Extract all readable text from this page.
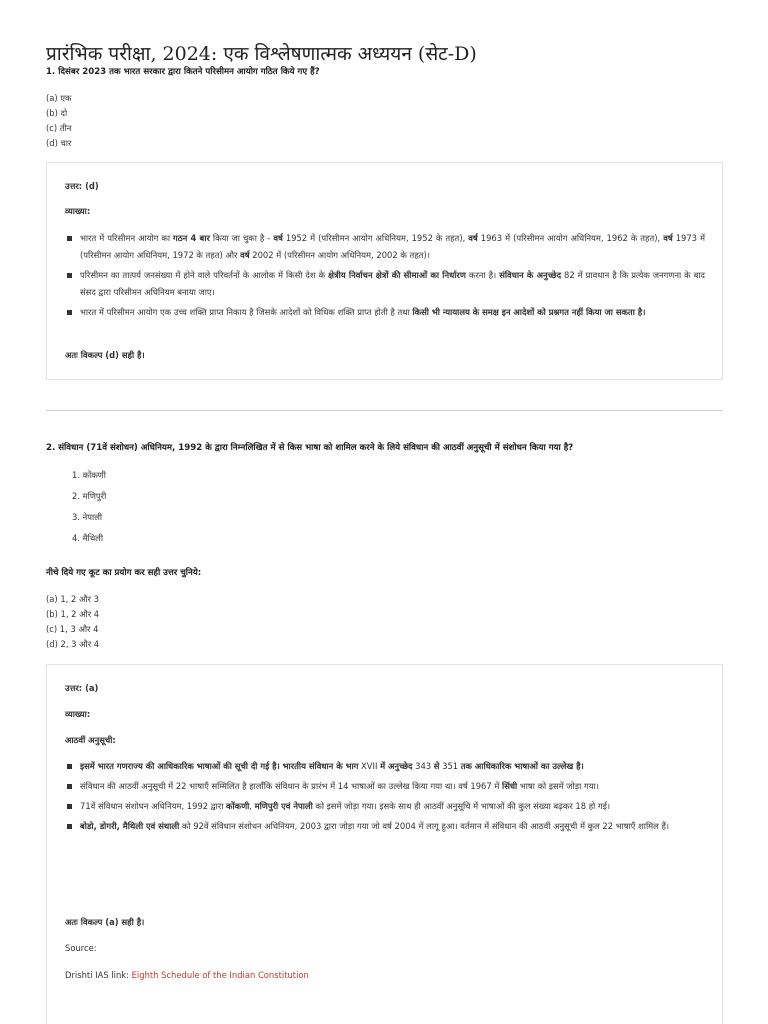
प्रारंभिक परीक्षा, 2024: एक विश्लेषणात्मक अध्ययन (सेट-D)
1. दिसंबर 2023 तक भारत सरकार द्वारा कितने परिसीमन आयोग गठित किये गए हैं?
(a) एक
(b) दो
(c) तीन
(d) चार
उत्तर: (d)
व्याख्या:
भारत में परिसीमन आयोग का गठन 4 बार किया जा चुका है - वर्ष 1952 में (परिसीमन आयोग अधिनियम, 1952 के तहत), वर्ष 1963 में (परिसीमन आयोग अधिनियम, 1962 के तहत), वर्ष 1973 में (परिसीमन आयोग अधिनियम, 1972 के तहत) और वर्ष 2002 में (परिसीमन आयोग अधिनियम, 2002 के तहत)।
परिसीमन का तात्पर्य जनसंख्या में होने वाले परिवर्तनों के आलोक में किसी देश के क्षेत्रीय निर्वाचन क्षेत्रों की सीमाओं का निर्धारण करना है। संविधान के अनुच्छेद 82 में प्रावधान है कि प्रत्येक जनगणना के बाद संसद द्वारा परिसीमन अधिनियम बनाया जाए।
भारत में परिसीमन आयोग एक उच्च शक्ति प्राप्त निकाय है जिसके आदेशों को विधिक शक्ति प्राप्त होती है तथा किसी भी न्यायालय के समक्ष इन आदेशों को प्रश्नगत नहीं किया जा सकता है।
अतः विकल्प (d) सही है।
2. संविधान (71वें संशोधन) अधिनियम, 1992 के द्वारा निम्नलिखित में से किस भाषा को शामिल करने के लिये संविधान की आठवीं अनुसूची में संशोधन किया गया है?
1. कोंकणी
2. मणिपुरी
3. नेपाली
4. मैथिली
नीचे दिये गए कूट का प्रयोग कर सही उत्तर चुनिये:
(a) 1, 2 और 3
(b) 1, 2 और 4
(c) 1, 3 और 4
(d) 2, 3 और 4
उत्तर: (a)
व्याख्या:
आठवीं अनुसूची:
इसमें भारत गणराज्य की आधिकारिक भाषाओं की सूची दी गई है। भारतीय संविधान के भाग XVII में अनुच्छेद 343 से 351 तक आधिकारिक भाषाओं का उल्लेख है।
संविधान की आठवीं अनुसूची में 22 भाषाएँ सम्मिलित है हालाँकि संविधान के प्रारंभ में 14 भाषाओं का उल्लेख किया गया था। वर्ष 1967 में सिंधी भाषा को इसमें जोड़ा गया।
71वें संविधान संशोधन अधिनियम, 1992 द्वारा कोंकणी, मणिपुरी एवं नेपाली को इसमें जोड़ा गया। इसके साथ ही आठवीं अनुसूचि में भाषाओं की कुल संख्या बढ़कर 18 हो गई।
बोडो, डोगरी, मैथिली एवं संथाली को 92वें संविधान संशोधन अधिनियम, 2003 द्वारा जोड़ा गया जो वर्ष 2004 में लागू हुआ। वर्तमान में संविधान की आठवीं अनुसूची में कुल 22 भाषाएँ शामिल हैं।
अतः विकल्प (a) सही है।
Source:
Drishti IAS link: Eighth Schedule of the Indian Constitution
